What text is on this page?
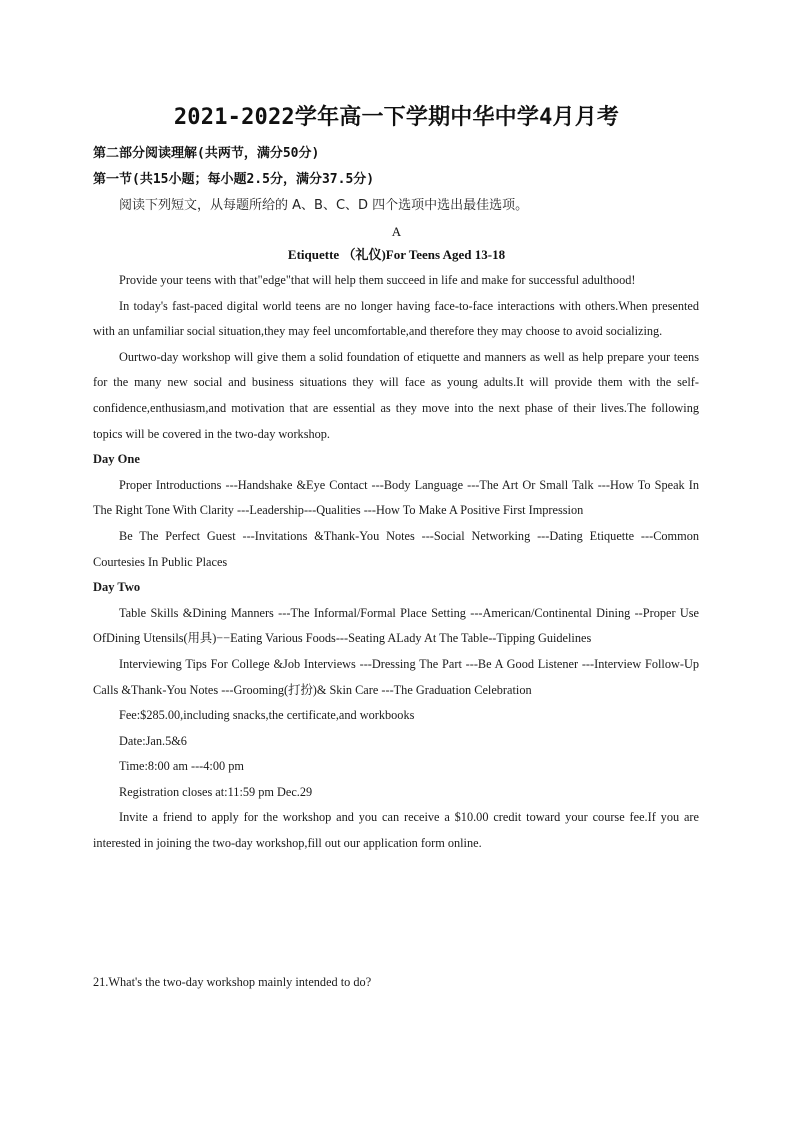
2021-2022学年高一下学期中华中学4月月考
第二部分阅读理解(共两节，满分50分)
第一节(共15小题；每小题2.5分，满分37.5分)
阅读下列短文，从每题所给的 A、B、C、D 四个选项中选出最佳选项。
A
Etiquette （礼仪)For Teens Aged 13-18

Provide your teens with that"edge"that will help them succeed in life and make for successful adulthood!

In today's fast-paced digital world teens are no longer having face-to-face interactions with others.When presented with an unfamiliar social situation,they may feel uncomfortable,and therefore they may choose to avoid socializing.

Ourtwo-day workshop will give them a solid foundation of etiquette and manners as well as help prepare your teens for the many new social and business situations they will face as young adults.It will provide them with the self-confidence,enthusiasm,and motivation that are essential as they move into the next phase of their lives.The following topics will be covered in the two-day workshop.

Day One

Proper Introductions ---Handshake &Eye Contact ---Body Language ---The Art Or Small Talk ---How To Speak In The Right Tone With Clarity ---Leadership---Qualities ---How To Make A Positive First Impression

Be The Perfect Guest ---Invitations &Thank-You Notes ---Social Networking ---Dating Etiquette ---Common Courtesies In Public Places

Day Two

Table Skills &Dining Manners ---The Informal/Formal Place Setting ---American/Continental Dining --Proper Use OfDining Utensils(用具)−−Eating Various Foods---Seating ALady At The Table--Tipping Guidelines

Interviewing Tips For College &Job Interviews ---Dressing The Part ---Be A Good Listener ---Interview Follow-Up Calls &Thank-You Notes ---Grooming(打扮)& Skin Care ---The Graduation Celebration

Fee:$285.00,including snacks,the certificate,and workbooks

Date:Jan.5&6

Time:8:00 am ---4:00 pm

Registration closes at:11:59 pm Dec.29

Invite a friend to apply for the workshop and you can receive a $10.00 credit toward your course fee.If you are interested in joining the two-day workshop,fill out our application form online.

21.What's the two-day workshop mainly intended to do?
